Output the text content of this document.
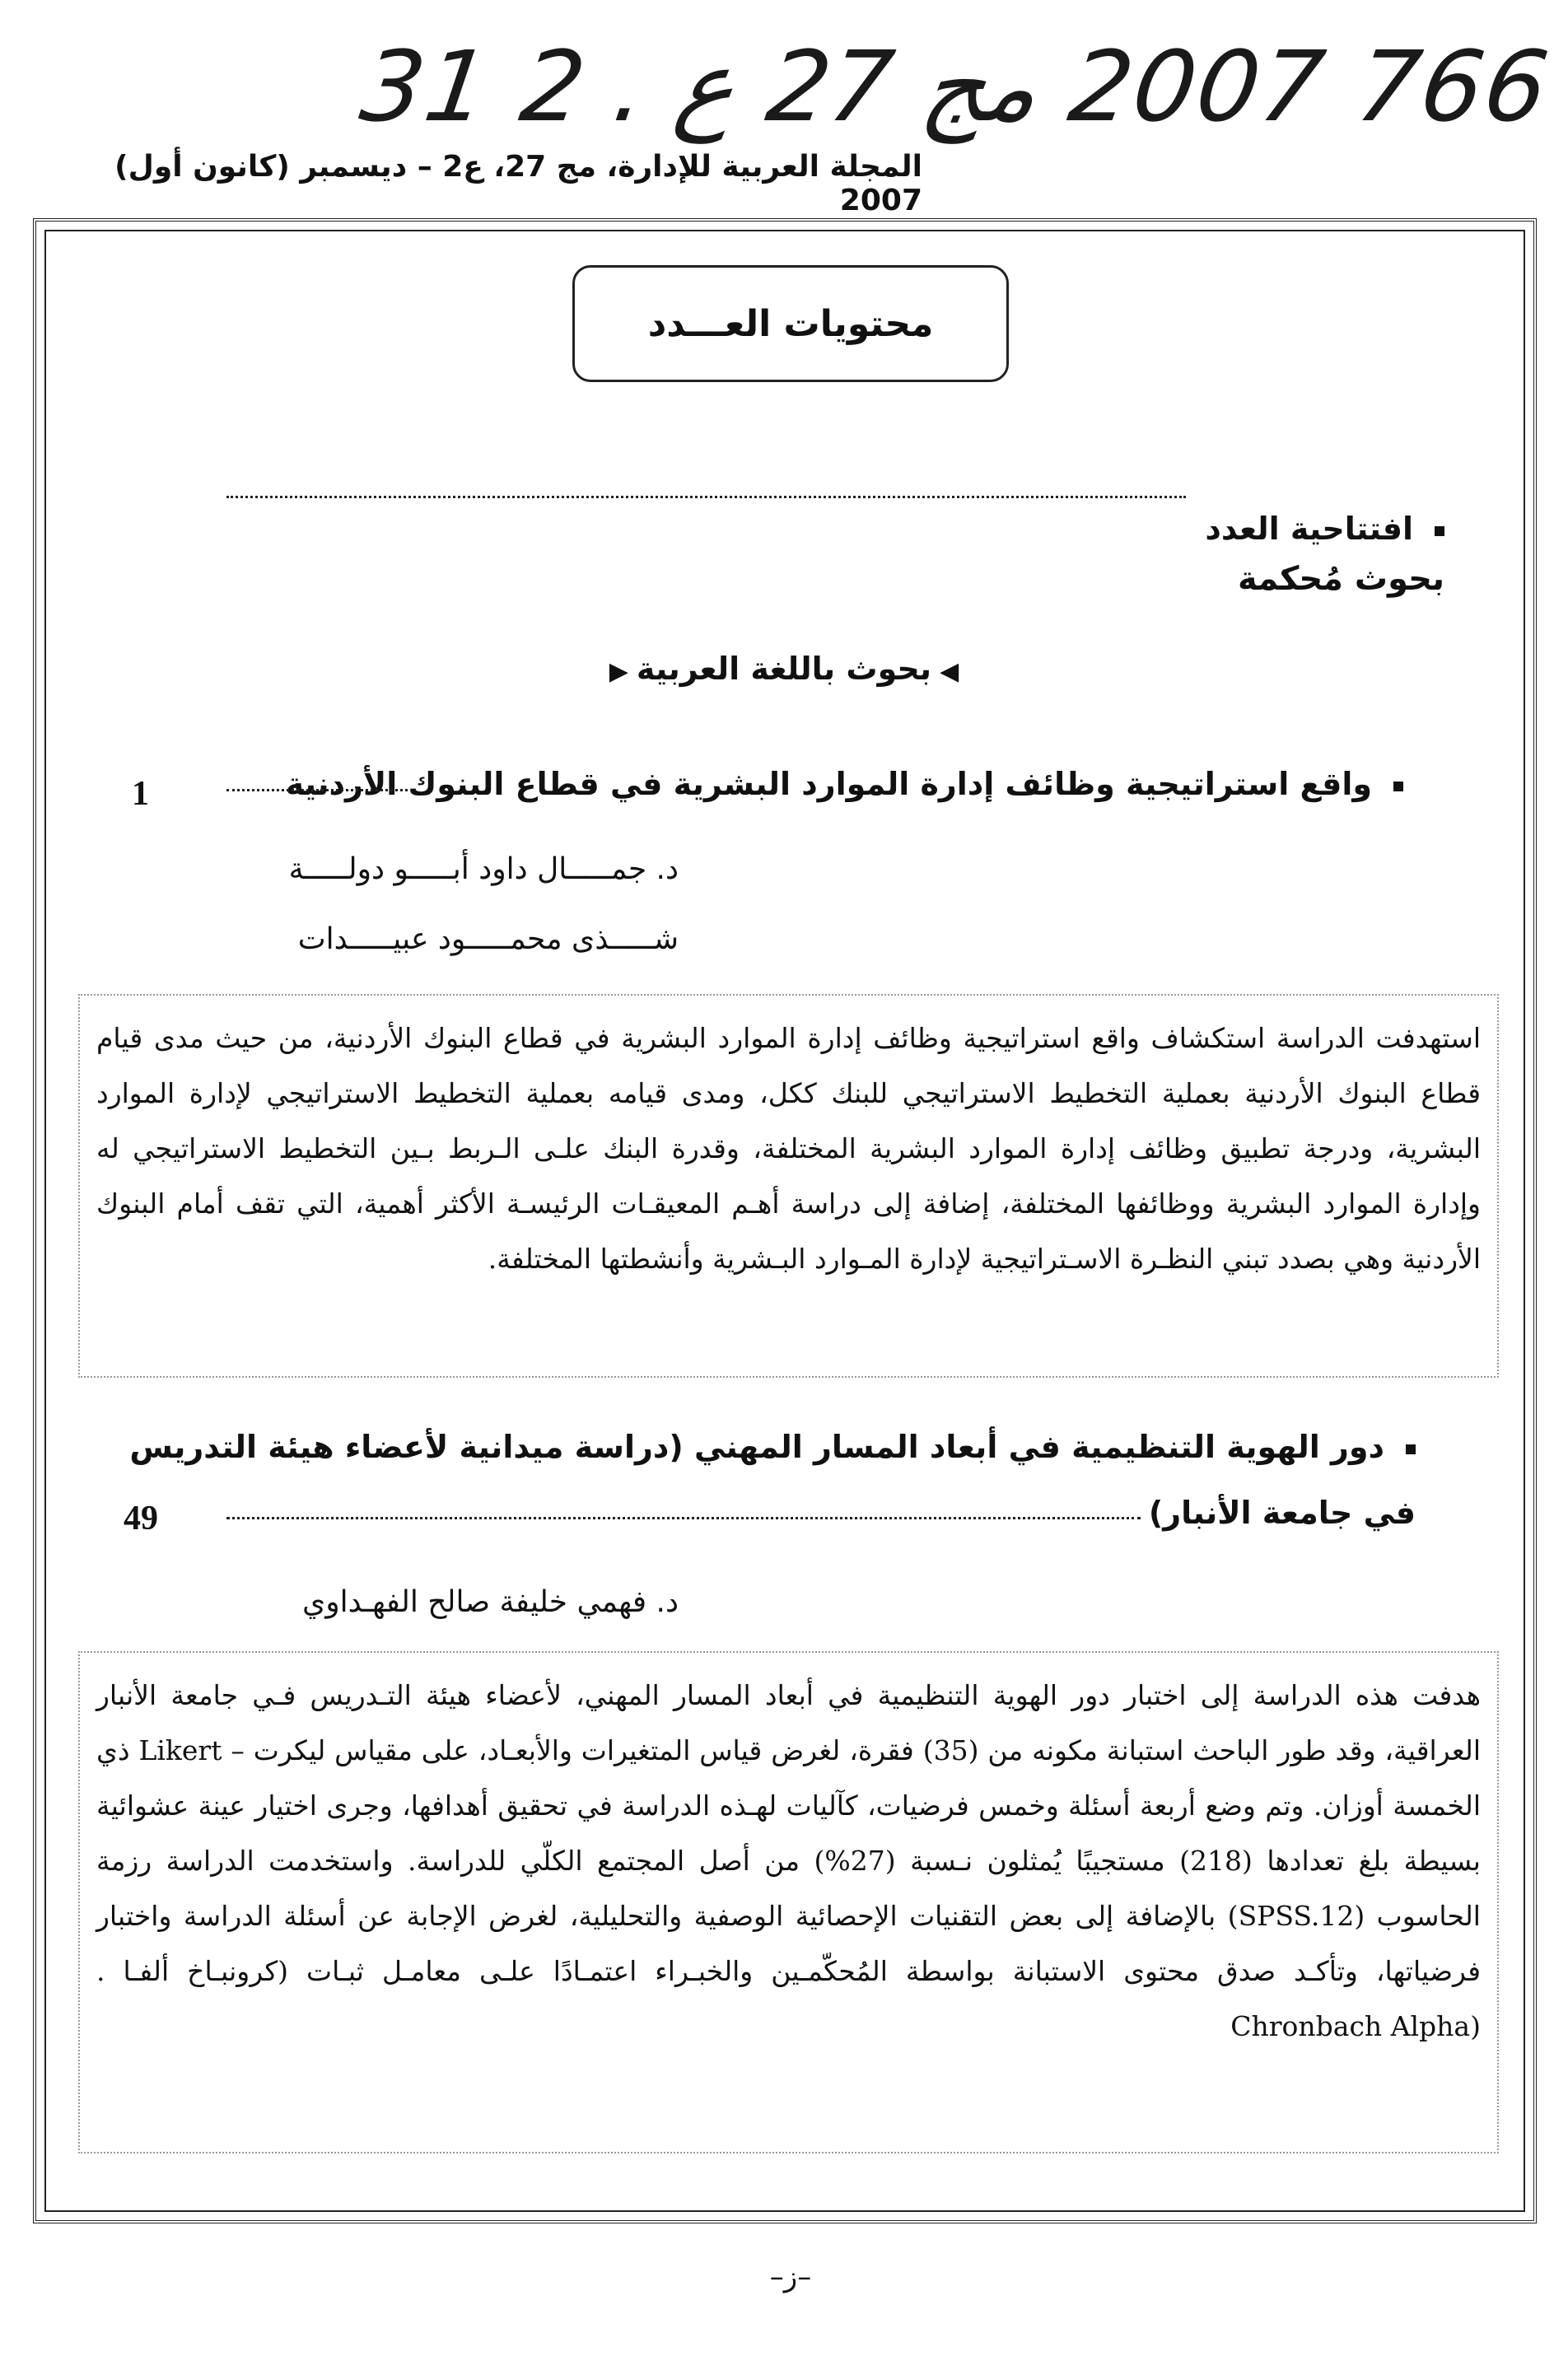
31 2 . ع 27 مج 2007 766
المجلة العربية للإدارة، مج 27، ع2 – ديسمبر (كانون أول) 2007
محتويات العـــدد
افتتاحية العدد
بحوث مُحكمة
◀بحوث باللغة العربية▶
واقع استراتيجية وظائف إدارة الموارد البشرية في قطاع البنوك الأردنية
1
د. جمـــــال داود أبـــــو دولـــــة
شـــــذى محمـــــود عبيـــــدات
استهدفت الدراسة استكشاف واقع استراتيجية وظائف إدارة الموارد البشرية في قطاع البنوك الأردنية، من حيث مدى قيام قطاع البنوك الأردنية بعملية التخطيط الاستراتيجي للبنك ككل، ومدى قيامه بعملية التخطيط الاستراتيجي لإدارة الموارد البشرية، ودرجة تطبيق وظائف إدارة الموارد البشرية المختلفة، وقدرة البنك علـى الـربط بـين التخطيط الاستراتيجي له وإدارة الموارد البشرية ووظائفها المختلفة، إضافة إلى دراسة أهـم المعيقـات الرئيسـة الأكثر أهمية، التي تقف أمام البنوك الأردنية وهي بصدد تبني النظـرة الاسـتراتيجية لإدارة المـوارد البـشرية وأنشطتها المختلفة.
دور الهوية التنظيمية في أبعاد المسار المهني (دراسة ميدانية لأعضاء هيئة التدريس
في جامعة الأنبار)
49
د. فهمي خليفة صالح الفهـداوي
هدفت هذه الدراسة إلى اختبار دور الهوية التنظيمية في أبعاد المسار المهني، لأعضاء هيئة التـدريس فـي جامعة الأنبار العراقية، وقد طور الباحث استبانة مكونه من (35) فقرة، لغرض قياس المتغيرات والأبعـاد، على مقياس ليكرت – Likert ذي الخمسة أوزان. وتم وضع أربعة أسئلة وخمس فرضيات، كآليات لهـذه الدراسة في تحقيق أهدافها، وجرى اختيار عينة عشوائية بسيطة بلغ تعدادها (218) مستجيبًا يُمثلون نـسبة (27%) من أصل المجتمع الكلّي للدراسة. واستخدمت الدراسة رزمة الحاسوب (SPSS.12) بالإضافة إلى بعض التقنيات الإحصائية الوصفية والتحليلية، لغرض الإجابة عن أسئلة الدراسة واختبار فرضياتها، وتأكـد صدق محتوى الاستبانة بواسطة المُحكّمـين والخبـراء اعتمـادًا علـى معامـل ثبـات (كرونبـاخ ألفـا .(Chronbach Alpha
–ز–
